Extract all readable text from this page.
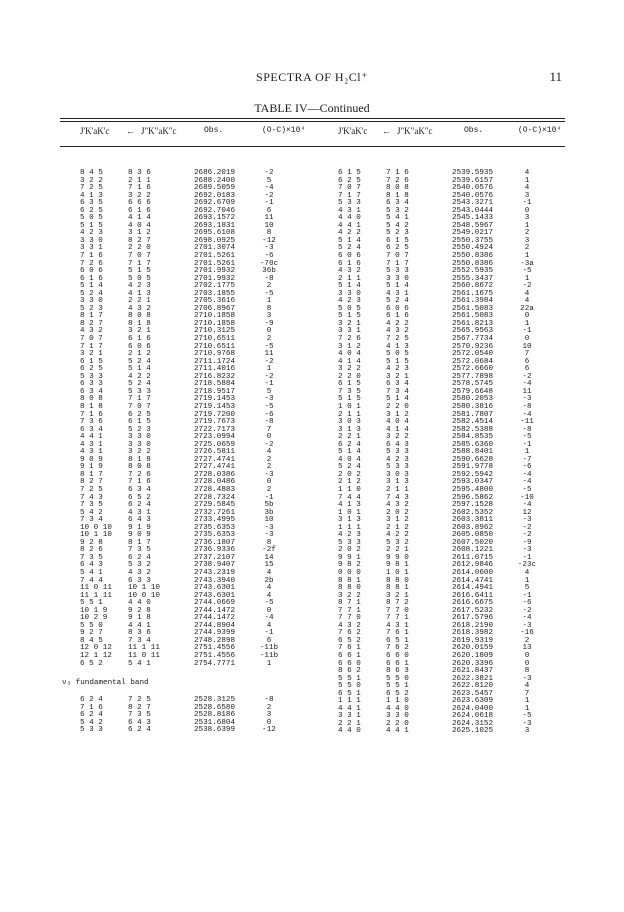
SPECTRA OF H₂Cl⁺	11
TABLE IV—Continued
J'K'aK'c ← J"K"aK"c	Obs.	(O-C)×10⁴	J'K'aK'c ← J"K"aK"c	Obs.	(O-C)×10⁴
8 4 5	8 3 6	2686.2019	-2
3 2 2	2 1 1	2688.2400	5
7 2 5	7 1 6	2689.5059	-4
4 1 3	3 2 2	2692.0183	-2
6 3 5	6 6 6	2692.6709	-1
6 2 5	6 1 6	2692.7046	6
5 0 5	4 1 4	2693.1572	11
5 1 5	4 0 4	2693.1831	10
4 2 3	3 1 2	2695.6108	8
3 3 0	8 2 7	2698.0925	-12
3 3 1	2 2 0	2701.3074	-3
7 1 6	7 0 7	2701.5261	-6
7 2 6	7 1 7	2701.5261	-70c
6 0 6	5 1 5	2701.9932	36b
6 1 6	5 0 5	2701.9932	-8
5 1 4	4 2 3	2702.1775	2
5 2 4	4 1 3	2703.1855	-5
3 3 0	2 2 1	2705.3616	1
5 2 3	4 3 2	2706.8967	8
8 1 7	8 0 8	2710.1858	3
8 2 7	8 1 8	2710.1858	-9
4 3 2	3 2 1	2710.3125	0
7 0 7	6 1 6	2710.6511	2
7 1 7	6 0 6	2710.6511	-5
3 2 1	2 1 2	2710.9768	11
6 1 5	5 2 4	2711.1724	-2
6 2 5	5 1 4	2711.4016	1
5 3 3	4 2 2	2716.8232	-2
6 3 3	5 2 4	2718.5884	-1
6 3 4	5 3 3	2718.9517	5
8 0 8	7 1 7	2719.1453	-3
8 1 8	7 0 7	2719.1453	-5
7 1 6	6 2 5	2719.7200	-6
7 3 6	6 1 5	2719.7673	-8
6 3 4	5 2 3	2722.7173	7
4 4 1	3 3 0	2723.0994	0
4 3 1	3 3 0	2725.0659	-2
4 3 1	3 2 2	2726.5811	4
9 0 9	8 1 8	2727.4741	2
9 1 9	8 0 8	2727.4741	2
8 1 7	7 2 6	2728.0386	-3
8 2 7	7 1 6	2728.0486	0
7 2 5	6 3 4	2728.4883	2
7 4 3	6 5 2	2728.7324	-1
7 3 5	6 2 4	2729.5845	5b
5 4 2	4 3 1	2732.7261	3b
7 3 4	6 4 3	2733.4995	10
10 0 10 9 1 9	2735.6353	-3
10 1 10 9 0 9	2735.6353	-3
9 2 8	8 1 7	2736.1807	8
8 2 6	7 3 5	2736.9336	-2f
7 3 5	6 2 4	2737.2107	14
6 4 3	5 3 2	2738.9407	15
5 4 1	4 3 2	2743.2319	4
7 4 4	6 3 3	2743.3940	2b
11 0 11 10 1 10	2743.6301	4
11 1 11 10 0 10	2743.6301	4
5 5 1	4 4 0	2744.0669	-5
10 1 9	9 2 8	2744.1472	0
10 2 9	9 1 8	2744.1472	-4
5 5 0	4 4 1	2744.8904	4
9 2 7	8 3 6	2744.9399	-1
8 4 5	7 3 4	2748.2898	6
12 0 12 11 1 11	2751.4556	-11b
12 1 12 11 0 11	2751.4556	-11b
6 5 2	5 4 1	2754.7771	1
ν₃ fundamental band
6 2 4	7 2 5	2528.3125	-8
7 1 6	8 2 7	2528.6580	2
6 2 4	7 3 5	2528.8186	3
5 4 2	6 4 3	2531.6804	0
5 3 3	6 2 4	2538.6399	-12
6 1 5	7 1 6	2539.5935	4
6 2 5	7 2 6	2539.6157	1
7 0 7	8 0 8	2540.0576	4
7 1 7	8 1 8	2540.0576	3
5 3 3	6 3 4	2543.3271	-1
4 3 1	5 3 2	2543.0444	0
4 4 0	5 4 1	2545.1433	3
4 4 1	5 4 2	2548.5967	1
4 2 2	5 2 3	2549.0217	2
5 1 4	6 1 5	2550.3755	3
5 2 4	6 2 5	2550.4924	2
6 0 6	7 0 7	2550.8386	1
6 1 6	7 1 7	2550.8386	-3a
4 3 2	5 3 3	2552.5935	-5
2 1 1	3 3 0	2555.3437	1
5 1 4	5 1 4	2560.8672	-2
3 3 0	4 3 1	2561.1675	4
4 2 3	5 2 4	2561.3984	4
5 0 5	6 0 6	2561.5083	22a
5 1 5	6 1 6	2561.5083	0
3 2 1	4 2 2	2561.8213	1
3 3 1	4 3 2	2565.9563	-1
7 2 6	7 2 5	2567.7734	0
3 1 2	4 1 3	2570.9236	10
4 0 4	5 0 5	2572.0540	7
4 1 4	5 1 5	2572.0684	6
3 2 2	4 2 3	2572.6660	6
2 2 0	3 2 1	2577.7898	-2
6 1 5	6 3 4	2578.5745	-4
7 3 5	7 3 4	2579.6648	11
5 1 5	5 1 4	2580.2053	-3
1 0 1	2 2 0	2580.3816	-8
2 1 1	3 1 2	2581.7807	-4
3 0 3	4 0 4	2582.4514	-11
3 1 3	4 1 4	2582.5388	-8
2 2 1	3 2 2	2584.8535	-5
6 2 4	6 4 3	2585.6360	-1
5 1 4	5 3 3	2588.8401	1
4 0 4	4 2 3	2590.6628	-7
5 2 4	5 3 3	2591.9778	-6
2 0 2	3 0 3	2592.5942	-4
2 1 2	3 1 3	2593.0347	-4
1 1 0	2 1 1	2595.4800	-5
7 4 4	7 4 3	2596.5862	-10
4 1 3	4 3 2	2597.1528	-4
1 0 1	2 0 2	2602.5352	12
3 1 3	3 1 2	2603.3811	-3
1 1 1	2 1 2	2603.8962	-2
4 2 3	4 2 2	2605.0850	-2
5 3 3	5 3 2	2607.5020	-9
2 0 2	2 2 1	2608.1221	-3
9 9 1	9 9 0	2611.0715	-1
9 8 2	9 8 1	2612.9846	-23c
0 0 0	1 0 1	2614.0600	4
8 8 1	8 8 0	2614.4741	1
8 8 0	8 8 1	2614.4941	5
3 2 2	3 2 1	2616.6411	-1
8 7 1	8 7 2	2616.6675	-6
7 7 1	7 7 0	2617.5232	-2
7 7 0	7 7 1	2617.5796	-4
4 3 2	4 3 1	2618.2190	-3
7 6 2	7 6 1	2618.3982	-16
6 5 2	6 5 1	2619.9319	2
7 6 1	7 6 2	2620.0159	13
6 6 1	6 6 0	2620.1809	0
6 6 0	6 6 1	2620.3396	0
8 6 2	8 6 3	2621.8437	8
5 5 1	5 5 0	2622.3821	-3
5 5 0	5 5 1	2622.8120	4
6 5 1	6 5 2	2623.5457	7
1 1 1	1 1 0	2623.6309	1
4 4 1	4 4 0	2624.0400	1
3 3 1	3 3 0	2624.0618	-5
2 2 1	2 2 0	2624.3152	-3
4 4 0	4 4 1	2625.1025	3
